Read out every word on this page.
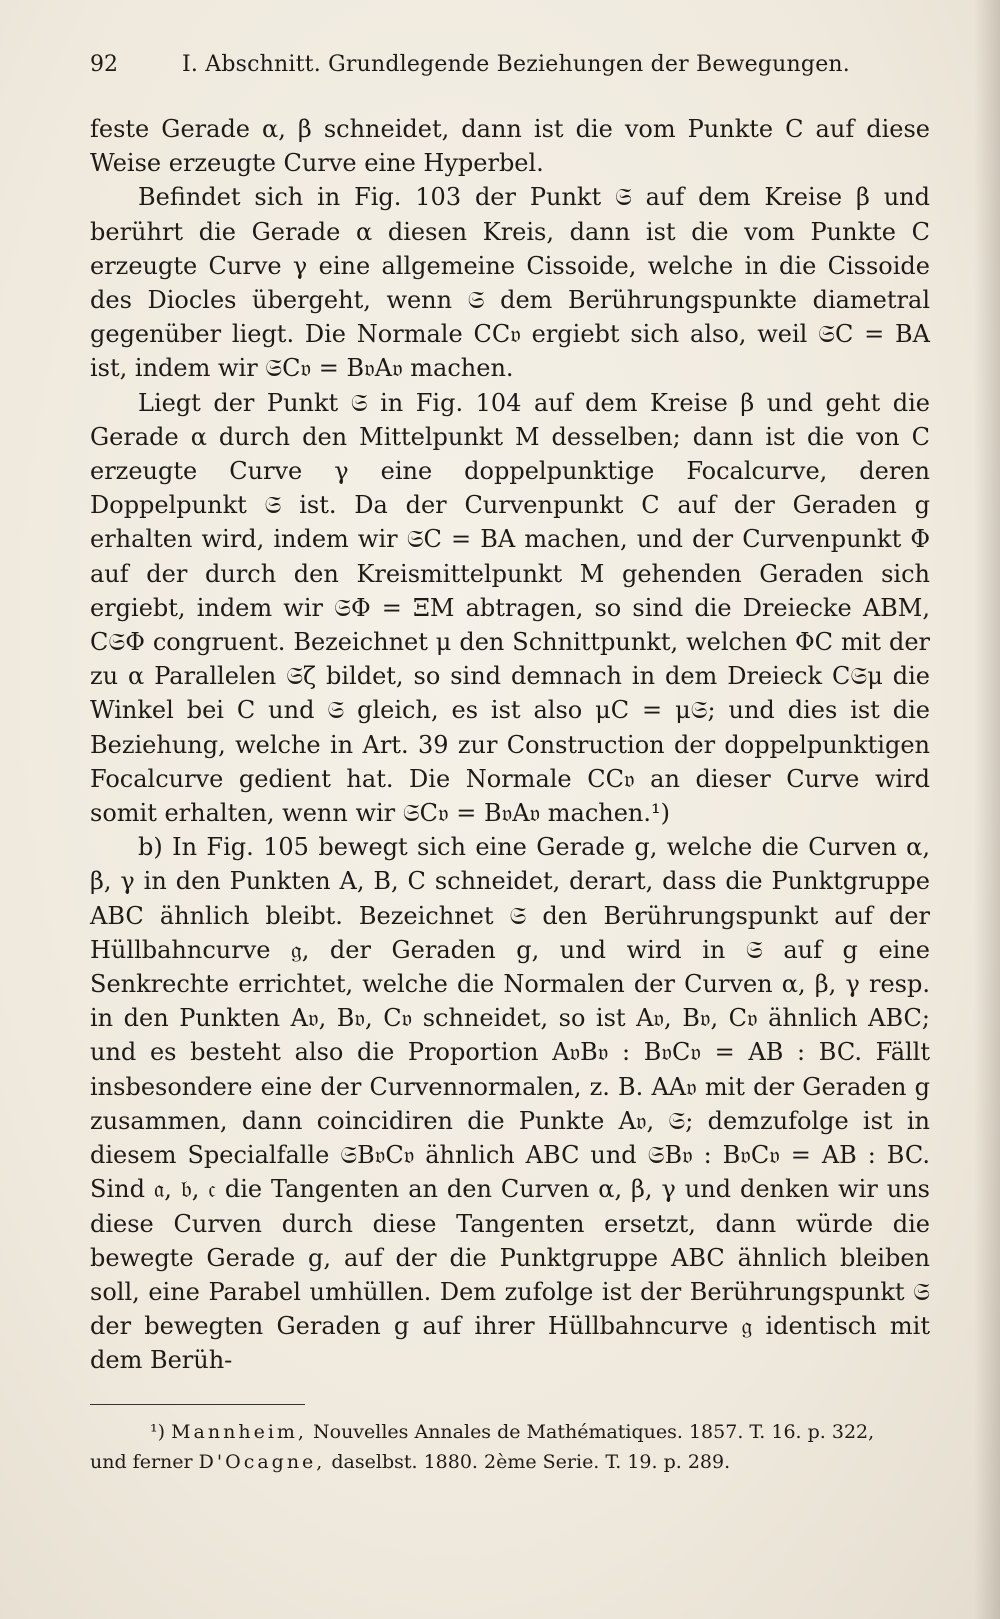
92	I. Abschnitt. Grundlegende Beziehungen der Bewegungen.

feste Gerade α, β schneidet, dann ist die vom Punkte C auf diese Weise erzeugte Curve eine Hyperbel.

Befindet sich in Fig. 103 der Punkt 𝔖 auf dem Kreise β und berührt die Gerade α diesen Kreis, dann ist die vom Punkte C erzeugte Curve γ eine allgemeine Cissoide, welche in die Cissoide des Diocles übergeht, wenn 𝔖 dem Berührungspunkte diametral gegenüber liegt. Die Normale CC𝔳 ergiebt sich also, weil 𝔖C = BA ist, indem wir 𝔖C𝔳 = B𝔳A𝔳 machen.

Liegt der Punkt 𝔖 in Fig. 104 auf dem Kreise β und geht die Gerade α durch den Mittelpunkt M desselben; dann ist die von C erzeugte Curve γ eine doppelpunktige Focalcurve, deren Doppelpunkt 𝔖 ist. Da der Curvenpunkt C auf der Geraden g erhalten wird, indem wir 𝔖C = BA machen, und der Curvenpunkt Φ auf der durch den Kreismittelpunkt M gehenden Geraden sich ergiebt, indem wir 𝔖Φ = ΞM abtragen, so sind die Dreiecke ABM, C𝔖Φ congruent. Bezeichnet μ den Schnittpunkt, welchen ΦC mit der zu α Parallelen 𝔖ζ bildet, so sind demnach in dem Dreieck C𝔖μ die Winkel bei C und 𝔖 gleich, es ist also μC = μ𝔖; und dies ist die Beziehung, welche in Art. 39 zur Construction der doppelpunktigen Focalcurve gedient hat. Die Normale CC𝔳 an dieser Curve wird somit erhalten, wenn wir 𝔖C𝔳 = B𝔳A𝔳 machen.¹)

b) In Fig. 105 bewegt sich eine Gerade g, welche die Curven α, β, γ in den Punkten A, B, C schneidet, derart, dass die Punktgruppe ABC ähnlich bleibt. Bezeichnet 𝔖 den Berührungspunkt auf der Hüllbahncurve 𝔤, der Geraden g, und wird in 𝔖 auf g eine Senkrechte errichtet, welche die Normalen der Curven α, β, γ resp. in den Punkten A𝔳, B𝔳, C𝔳 schneidet, so ist A𝔳, B𝔳, C𝔳 ähnlich ABC; und es besteht also die Proportion A𝔳B𝔳 : B𝔳C𝔳 = AB : BC. Fällt insbesondere eine der Curvennormalen, z. B. AA𝔳 mit der Geraden g zusammen, dann coincidiren die Punkte A𝔳, 𝔖; demzufolge ist in diesem Specialfalle 𝔖B𝔳C𝔳 ähnlich ABC und 𝔖B𝔳 : B𝔳C𝔳 = AB : BC. Sind 𝔞, 𝔟, 𝔠 die Tangenten an den Curven α, β, γ und denken wir uns diese Curven durch diese Tangenten ersetzt, dann würde die bewegte Gerade g, auf der die Punktgruppe ABC ähnlich bleiben soll, eine Parabel umhüllen. Dem zufolge ist der Berührungspunkt 𝔖 der bewegten Geraden g auf ihrer Hüllbahncurve 𝔤 identisch mit dem Berüh-

¹) Mannheim, Nouvelles Annales de Mathématiques. 1857. T. 16. p. 322,
und ferner D'Ocagne, daselbst. 1880. 2ème Serie. T. 19. p. 289.
